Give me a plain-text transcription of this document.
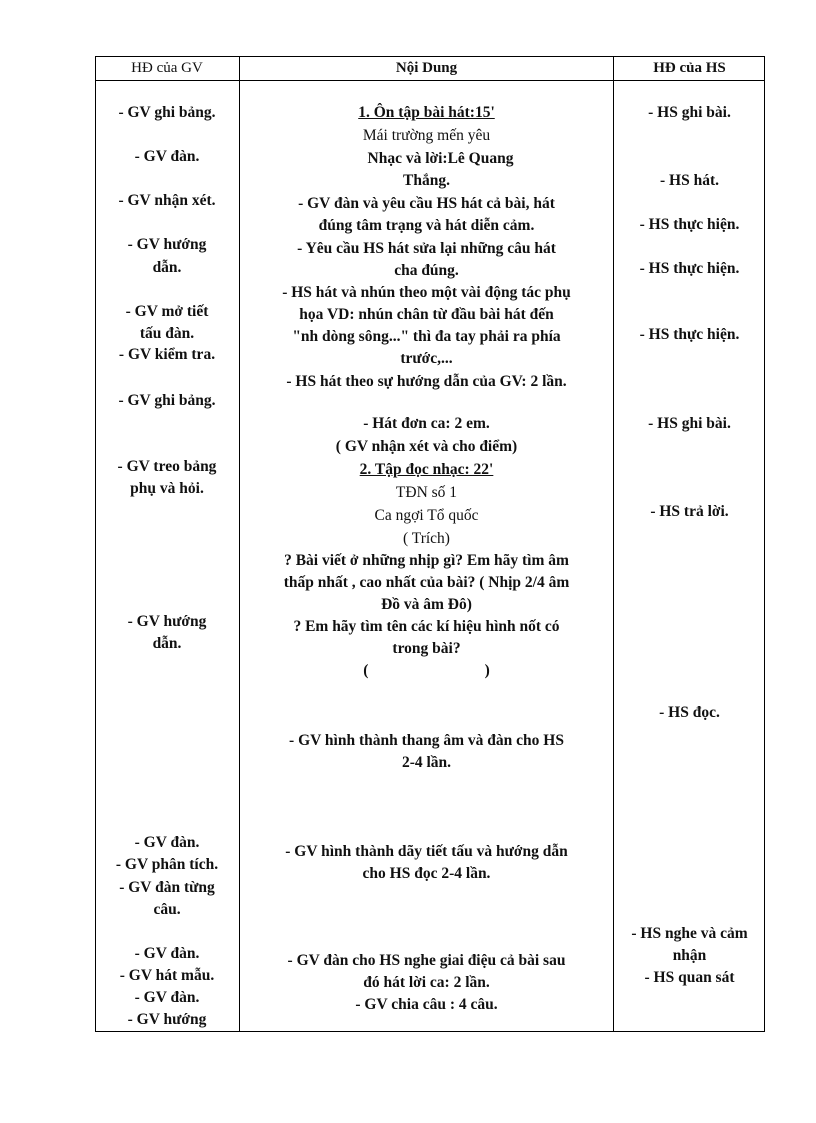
HĐ của GV	Nội Dung	HĐ của HS
- GV ghi bảng.
- GV đàn.
- GV nhận xét.
- GV hướng
dẫn.
- GV mở tiết
tấu đàn.
- GV kiểm tra.
- GV ghi bảng.
- GV treo bảng
phụ và hỏi.
- GV hướng
dẫn.
- GV đàn.
- GV phân tích.
- GV đàn từng
câu.
- GV đàn.
- GV hát mẫu.
- GV đàn.
- GV hướng
1. Ôn tập bài hát:15'
Mái trường mến yêu
Nhạc và lời:Lê Quang
Thắng.
- GV đàn và yêu cầu HS hát cả bài, hát
đúng tâm trạng và hát diễn cảm.
- Yêu cầu HS hát sửa lại những câu hát
cha đúng.
- HS hát và nhún theo một vài động tác phụ
họa VD: nhún chân từ đầu bài hát đến
"nh dòng sông..." thì đa tay phải ra phía
trước,...
- HS hát theo sự hướng dẫn của GV: 2 lần.
- Hát đơn ca: 2 em.
( GV nhận xét và cho điểm)
2. Tập đọc nhạc: 22'
TĐN số 1
Ca ngợi Tổ quốc
( Trích)
? Bài viết ở những nhịp gì? Em hãy tìm âm
thấp nhất , cao nhất của bài? ( Nhịp 2/4 âm
Đồ và âm Đô)
? Em hãy tìm tên các kí hiệu hình nốt có
trong bài?
(                              )
- GV hình thành thang âm và đàn cho HS
2-4 lần.
- GV hình thành dãy tiết tấu và hướng dẫn
cho HS đọc 2-4 lần.
- GV đàn cho HS nghe giai điệu cả bài sau
đó hát lời ca: 2 lần.
- GV chia câu : 4 câu.
- HS ghi bài.
- HS hát.
- HS thực hiện.
- HS thực hiện.
- HS thực hiện.
- HS ghi bài.
- HS trả lời.
- HS đọc.
- HS nghe và cảm
nhận
- HS quan sát
